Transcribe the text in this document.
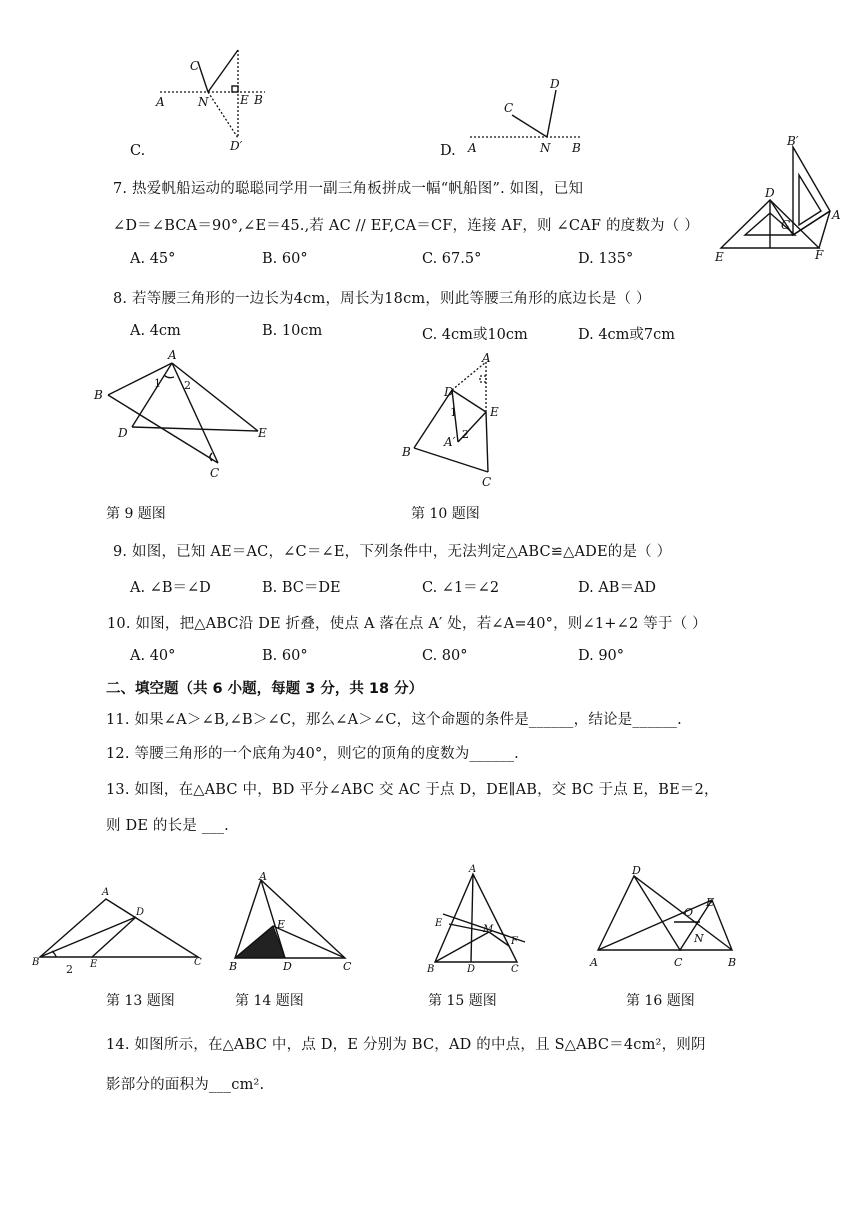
A	N	E B
C
D′
C.	A	N B
C
D
D.
B′
D
A
C
E	F
7. 热爱帆船运动的聪聪同学用一副三角板拼成一幅“帆船图”. 如图，已知
∠D＝∠BCA＝90°,∠E＝45.,若 AC // EF,CA＝CF，连接 AF，则 ∠CAF 的度数为（ ）
A. 45°	B. 60°	C. 67.5°	D. 135°
8. 若等腰三角形的一边长为4cm，周长为18cm，则此等腰三角形的底边长是（ ）
A. 4cm	B. 10cm	C. 4cm或10cm	D. 4cm或7cm
A
B
D	E
C
1 2
A
D
E
A′
B
C
1
2
第 9 题图	第 10 题图
9. 如图，已知 AE＝AC，∠C＝∠E，下列条件中，无法判定△ABC≌△ADE的是（ ）
A. ∠B＝∠D	B. BC＝DE	C. ∠1＝∠2	D. AB＝AD
10. 如图，把△ABC沿 DE 折叠，使点 A 落在点 A′ 处，若∠A=40°，则∠1+∠2 等于（ ）
A. 40°	B. 60°	C. 80°	D. 90°
二、填空题（共 6 小题，每题 3 分，共 18 分）
11. 如果∠A＞∠B,∠B＞∠C，那么∠A＞∠C，这个命题的条件是______，结论是______.
12. 等腰三角形的一个底角为40°，则它的顶角的度数为______.
13. 如图，在△ABC 中，BD 平分∠ABC 交 AC 于点 D，DE∥AB，交 BC 于点 E，BE＝2，
则 DE 的长是 ___.
A
D
B	E	C
2
A
E
B	D	C
A
E
M
F
B	D	C
D
O
E
N
A	C	B
第 13 题图	第 14 题图	第 15 题图	第 16 题图
14. 如图所示，在△ABC 中，点 D，E 分别为 BC，AD 的中点，且 S△ABC＝4cm²，则阴
影部分的面积为___cm².
